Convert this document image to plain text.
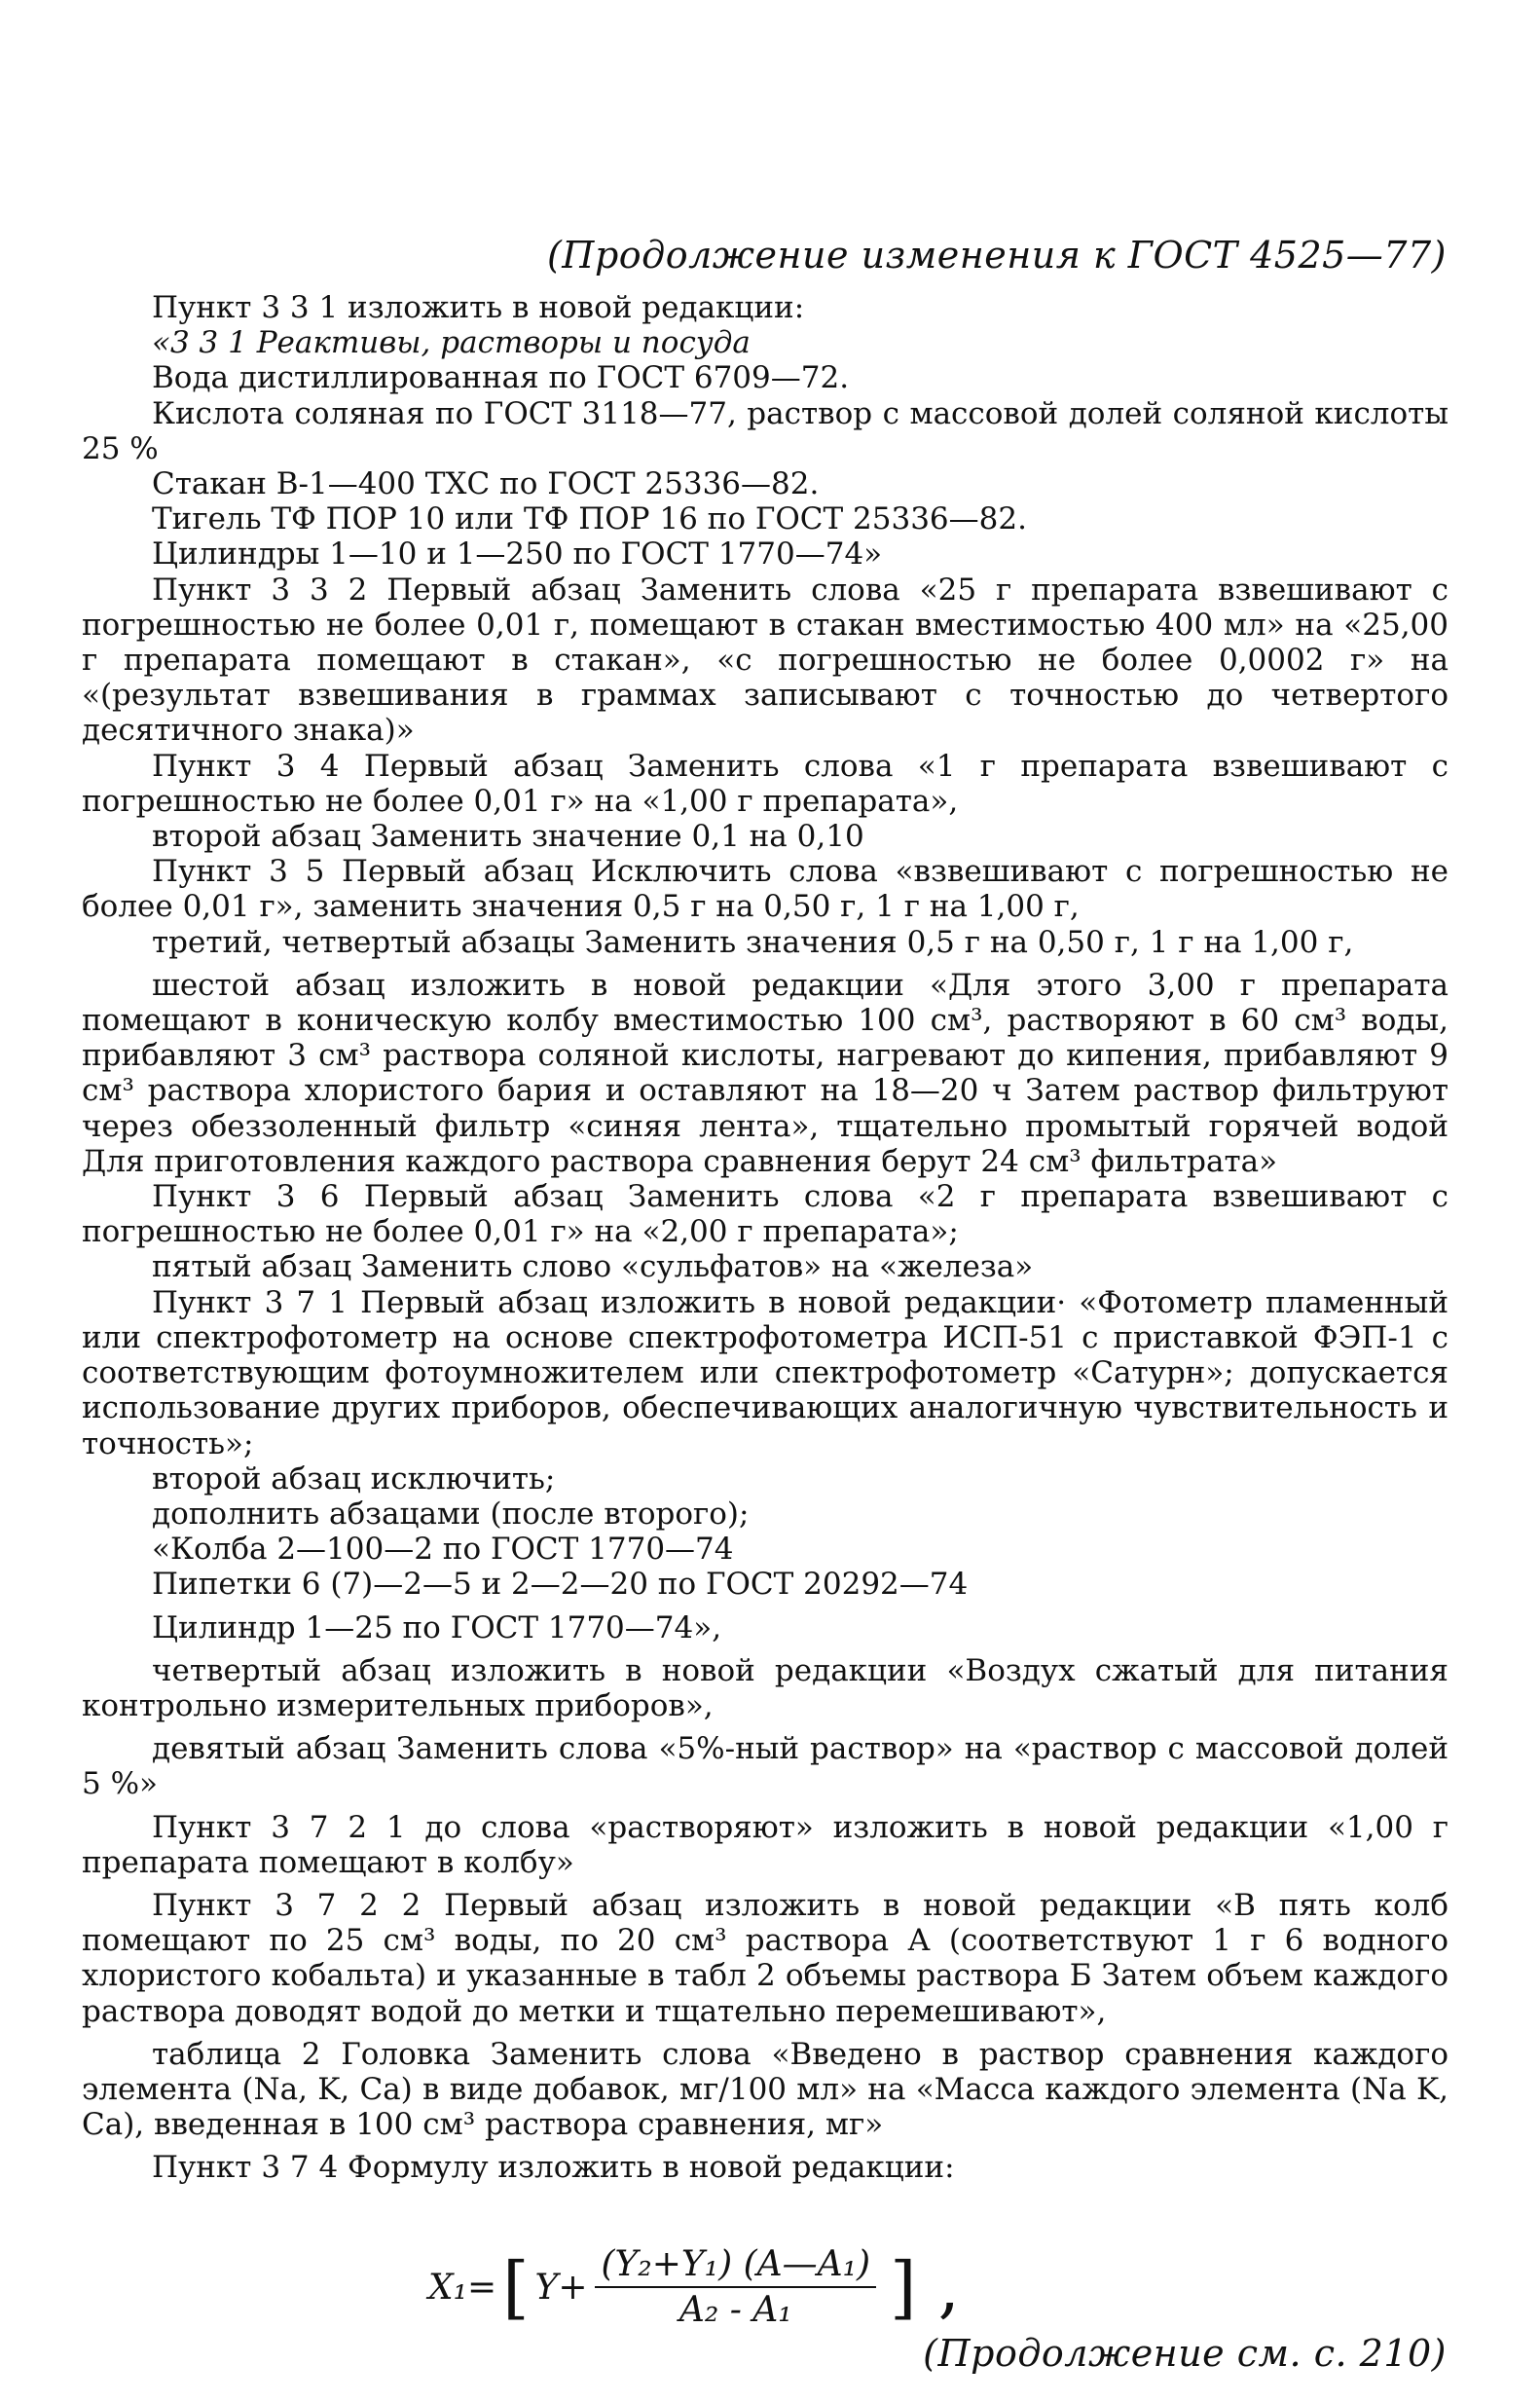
(Продолжение изменения к ГОСТ 4525—77)

Пункт 3 3 1 изложить в новой редакции:

«3 3 1 Реактивы, растворы и посуда

Вода дистиллированная по ГОСТ 6709—72.

Кислота соляная по ГОСТ 3118—77, раствор с массовой долей соляной кислоты 25 %

Стакан В-1—400 ТХС по ГОСТ 25336—82.

Тигель ТФ ПОР 10 или ТФ ПОР 16 по ГОСТ 25336—82.

Цилиндры 1—10 и 1—250 по ГОСТ 1770—74»

Пункт 3 3 2 Первый абзац Заменить слова «25 г препарата взвешивают с погрешностью не более 0,01 г, помещают в стакан вместимостью 400 мл» на «25,00 г препарата помещают в стакан», «с погрешностью не более 0,0002 г» на «(результат взвешивания в граммах записывают с точностью до четвертого десятичного знака)»

Пункт 3 4 Первый абзац Заменить слова «1 г препарата взвешивают с погрешностью не более 0,01 г» на «1,00 г препарата»,

второй абзац Заменить значение 0,1 на 0,10

Пункт 3 5 Первый абзац Исключить слова «взвешивают с погрешностью не более 0,01 г», заменить значения 0,5 г на 0,50 г, 1 г на 1,00 г,

третий, четвертый абзацы Заменить значения 0,5 г на 0,50 г, 1 г на 1,00 г,

шестой абзац изложить в новой редакции «Для этого 3,00 г препарата помещают в коническую колбу вместимостью 100 см³, растворяют в 60 см³ воды, прибавляют 3 см³ раствора соляной кислоты, нагревают до кипения, прибавляют 9 см³ раствора хлористого бария и оставляют на 18—20 ч Затем раствор фильтруют через обеззоленный фильтр «синяя лента», тщательно промытый горячей водой Для приготовления каждого раствора сравнения берут 24 см³ фильтрата»

Пункт 3 6 Первый абзац Заменить слова «2 г препарата взвешивают с погрешностью не более 0,01 г» на «2,00 г препарата»;

пятый абзац Заменить слово «сульфатов» на «железа»

Пункт 3 7 1 Первый абзац изложить в новой редакции· «Фотометр пламенный или спектрофотометр на основе спектрофотометра ИСП-51 с приставкой ФЭП-1 с соответствующим фотоумножителем или спектрофотометр «Сатурн»; допускается использование других приборов, обеспечивающих аналогичную чувствительность и точность»;

второй абзац исключить;

дополнить абзацами (после второго);

«Колба 2—100—2 по ГОСТ 1770—74

Пипетки 6 (7)—2—5 и 2—2—20 по ГОСТ 20292—74

Цилиндр 1—25 по ГОСТ 1770—74»,

четвертый абзац изложить в новой редакции «Воздух сжатый для питания контрольно измерительных приборов»,

девятый абзац Заменить слова «5%-ный раствор» на «раствор с массовой долей 5 %»

Пункт 3 7 2 1 до слова «растворяют» изложить в новой редакции «1,00 г препарата помещают в колбу»

Пункт 3 7 2 2 Первый абзац изложить в новой редакции «В пять колб помещают по 25 см³ воды, по 20 см³ раствора А (соответствуют 1 г 6 водного хлористого кобальта) и указанные в табл 2 объемы раствора Б Затем объем каждого раствора доводят водой до метки и тщательно перемешивают»,

таблица 2 Головка Заменить слова «Введено в раствор сравнения каждого элемента (Na, K, Ca) в виде добавок, мг/100 мл» на «Масса каждого элемента (Na K, Ca), введенная в 100 см³ раствора сравнения, мг»

Пункт 3 7 4 Формулу изложить в новой редакции:

X₁= [ $Y+ \frac{\text{(Y₂+Y₁) (A—A₁)}}{\text{A₂ - A₁}}$ ] ,
(Продолжение см. с. 210)
